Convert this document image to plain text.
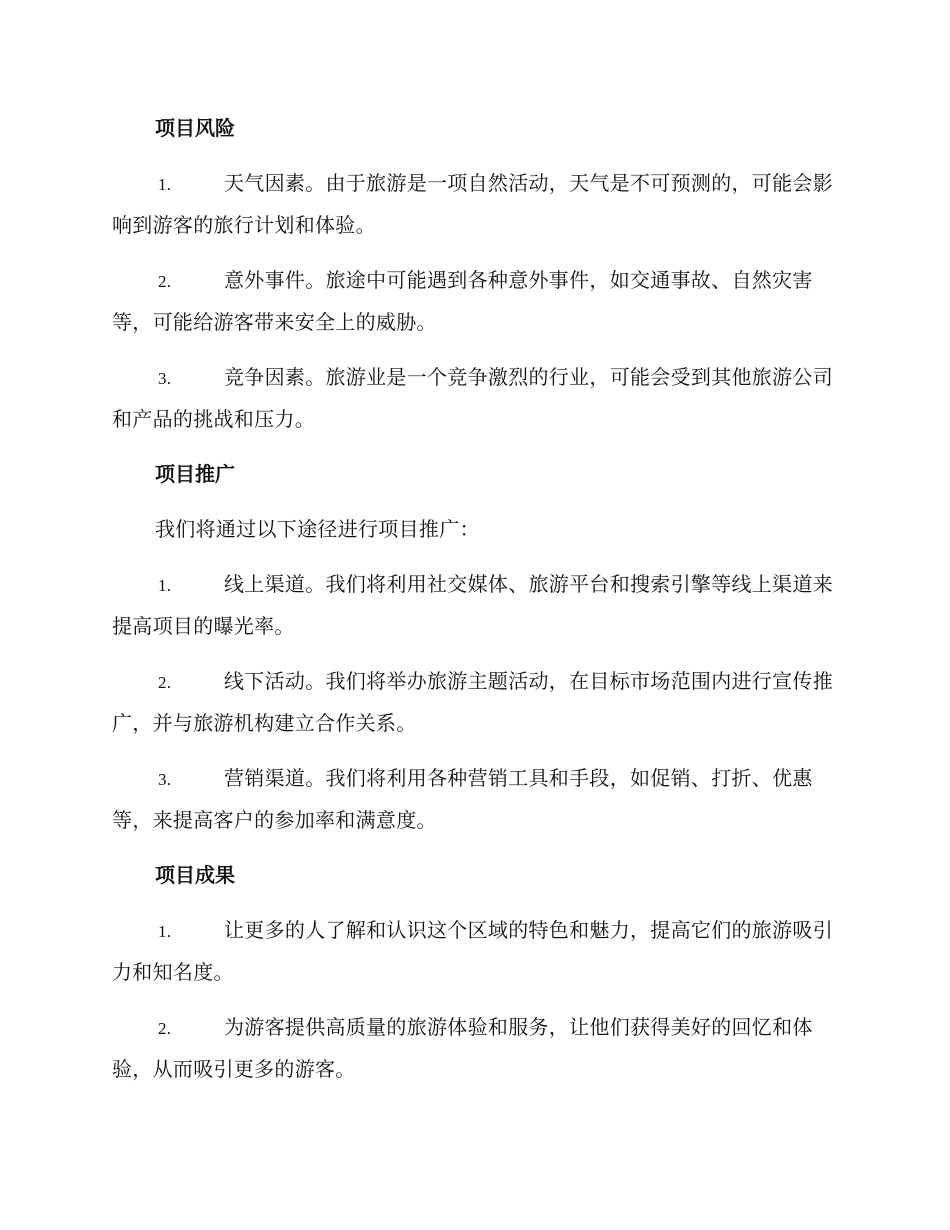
项目风险
1.	天气因素。由于旅游是一项自然活动，天气是不可预测的，可能会影响到游客的旅行计划和体验。
2.	意外事件。旅途中可能遇到各种意外事件，如交通事故、自然灾害等，可能给游客带来安全上的威胁。
3.	竞争因素。旅游业是一个竞争激烈的行业，可能会受到其他旅游公司和产品的挑战和压力。
项目推广
我们将通过以下途径进行项目推广：
1.	线上渠道。我们将利用社交媒体、旅游平台和搜索引擎等线上渠道来提高项目的曝光率。
2.	线下活动。我们将举办旅游主题活动，在目标市场范围内进行宣传推广，并与旅游机构建立合作关系。
3.	营销渠道。我们将利用各种营销工具和手段，如促销、打折、优惠等，来提高客户的参加率和满意度。
项目成果
1.	让更多的人了解和认识这个区域的特色和魅力，提高它们的旅游吸引力和知名度。
2.	为游客提供高质量的旅游体验和服务，让他们获得美好的回忆和体验，从而吸引更多的游客。
